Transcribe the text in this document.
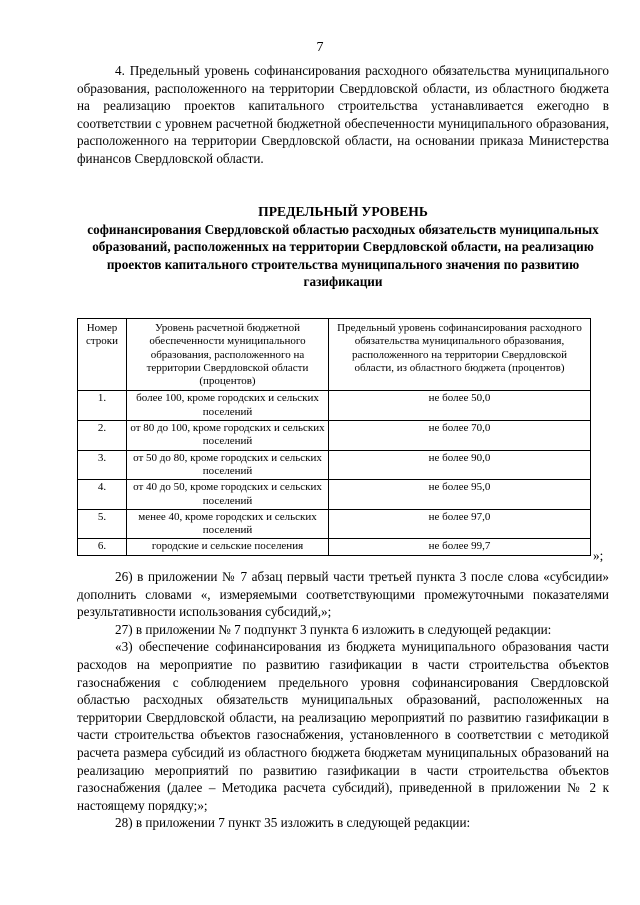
7

4. Предельный уровень софинансирования расходного обязательства муниципального образования, расположенного на территории Свердловской области, из областного бюджета на реализацию проектов капитального строительства устанавливается ежегодно в соответствии с уровнем расчетной бюджетной обеспеченности муниципального образования, расположенного на территории Свердловской области, на основании приказа Министерства финансов Свердловской области.

ПРЕДЕЛЬНЫЙ УРОВЕНЬ
софинансирования Свердловской областью расходных обязательств муниципальных образований, расположенных на территории Свердловской области, на реализацию проектов капитального строительства муниципального значения по развитию газификации
Номер строки	Уровень расчетной бюджетной обеспеченности муниципального образования, расположенного на территории Свердловской области (процентов)	Предельный уровень софинансирования расходного обязательства муниципального образования, расположенного на территории Свердловской области, из областного бюджета (процентов)
1.	более 100, кроме городских и сельских поселений	не более 50,0
2.	от 80 до 100, кроме городских и сельских поселений	не более 70,0
3.	от 50 до 80, кроме городских и сельских поселений	не более 90,0
4.	от 40 до 50, кроме городских и сельских поселений	не более 95,0
5.	менее 40, кроме городских и сельских поселений	не более 97,0
6.	городские и сельские поселения	не более 99,7
»;

26) в приложении № 7 абзац первый части третьей пункта 3 после слова «субсидии» дополнить словами «, измеряемыми соответствующими промежуточными показателями результативности использования субсидий,»;

27) в приложении № 7 подпункт 3 пункта 6 изложить в следующей редакции:

«3) обеспечение софинансирования из бюджета муниципального образования части расходов на мероприятие по развитию газификации в части строительства объектов газоснабжения с соблюдением предельного уровня софинансирования Свердловской областью расходных обязательств муниципальных образований, расположенных на территории Свердловской области, на реализацию мероприятий по развитию газификации в части строительства объектов газоснабжения, установленного в соответствии с методикой расчета размера субсидий из областного бюджета бюджетам муниципальных образований на реализацию мероприятий по развитию газификации в части строительства объектов газоснабжения (далее – Методика расчета субсидий), приведенной в приложении № 2 к настоящему порядку;»;

28) в приложении 7 пункт 35 изложить в следующей редакции:
